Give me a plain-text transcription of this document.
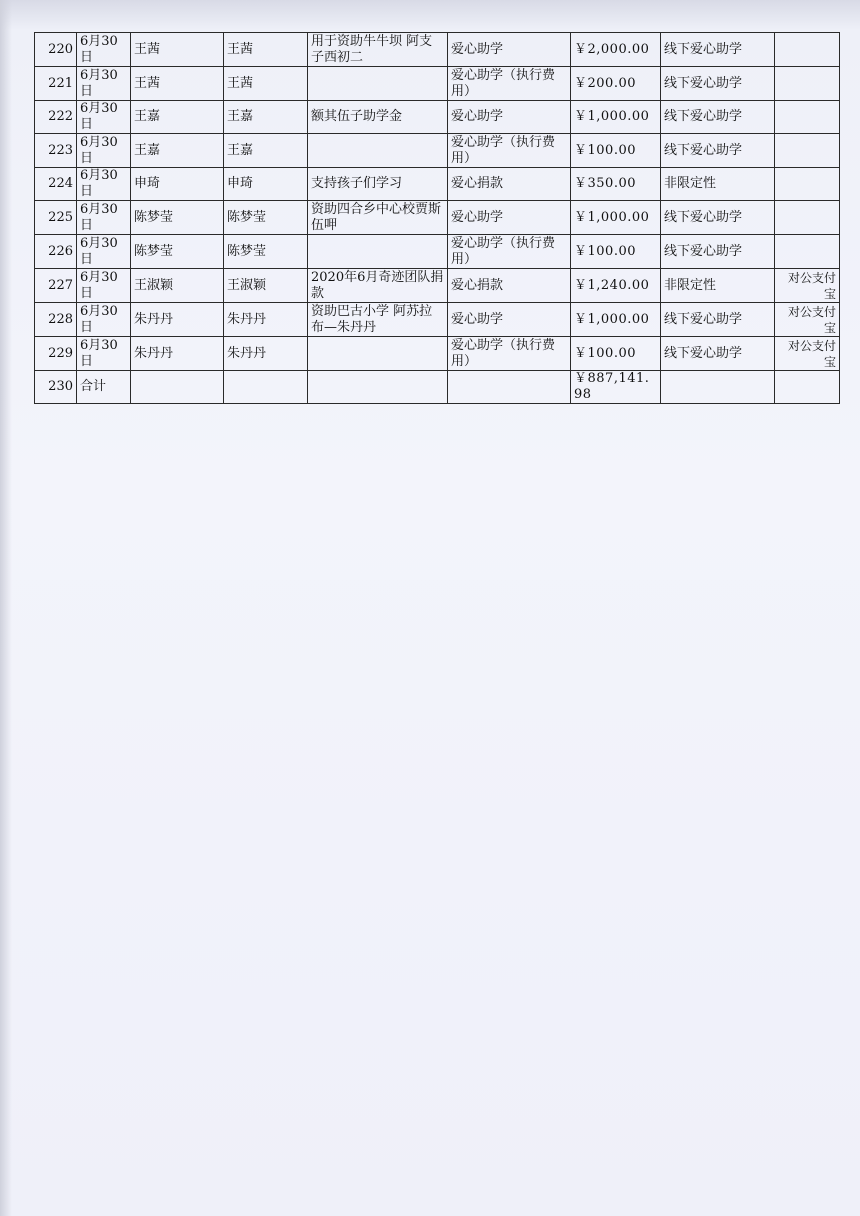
220	6月30日	王茜	王茜	用于资助牛牛坝 阿支子西初二	爱心助学	￥2,000.00	线下爱心助学	
221	6月30日	王茜	王茜		爱心助学（执行费用）	￥200.00	线下爱心助学	
222	6月30日	王嘉	王嘉	额其伍子助学金	爱心助学	￥1,000.00	线下爱心助学	
223	6月30日	王嘉	王嘉		爱心助学（执行费用）	￥100.00	线下爱心助学	
224	6月30日	申琦	申琦	支持孩子们学习	爱心捐款	￥350.00	非限定性	
225	6月30日	陈梦莹	陈梦莹	资助四合乡中心校贾斯伍呷	爱心助学	￥1,000.00	线下爱心助学	
226	6月30日	陈梦莹	陈梦莹		爱心助学（执行费用）	￥100.00	线下爱心助学	
227	6月30日	王淑颖	王淑颖	2020年6月奇迹团队捐款	爱心捐款	￥1,240.00	非限定性	对公支付宝
228	6月30日	朱丹丹	朱丹丹	资助巴古小学 阿苏拉布—朱丹丹	爱心助学	￥1,000.00	线下爱心助学	对公支付宝
229	6月30日	朱丹丹	朱丹丹		爱心助学（执行费用）	￥100.00	线下爱心助学	对公支付宝
230	合计					￥887,141.98		
